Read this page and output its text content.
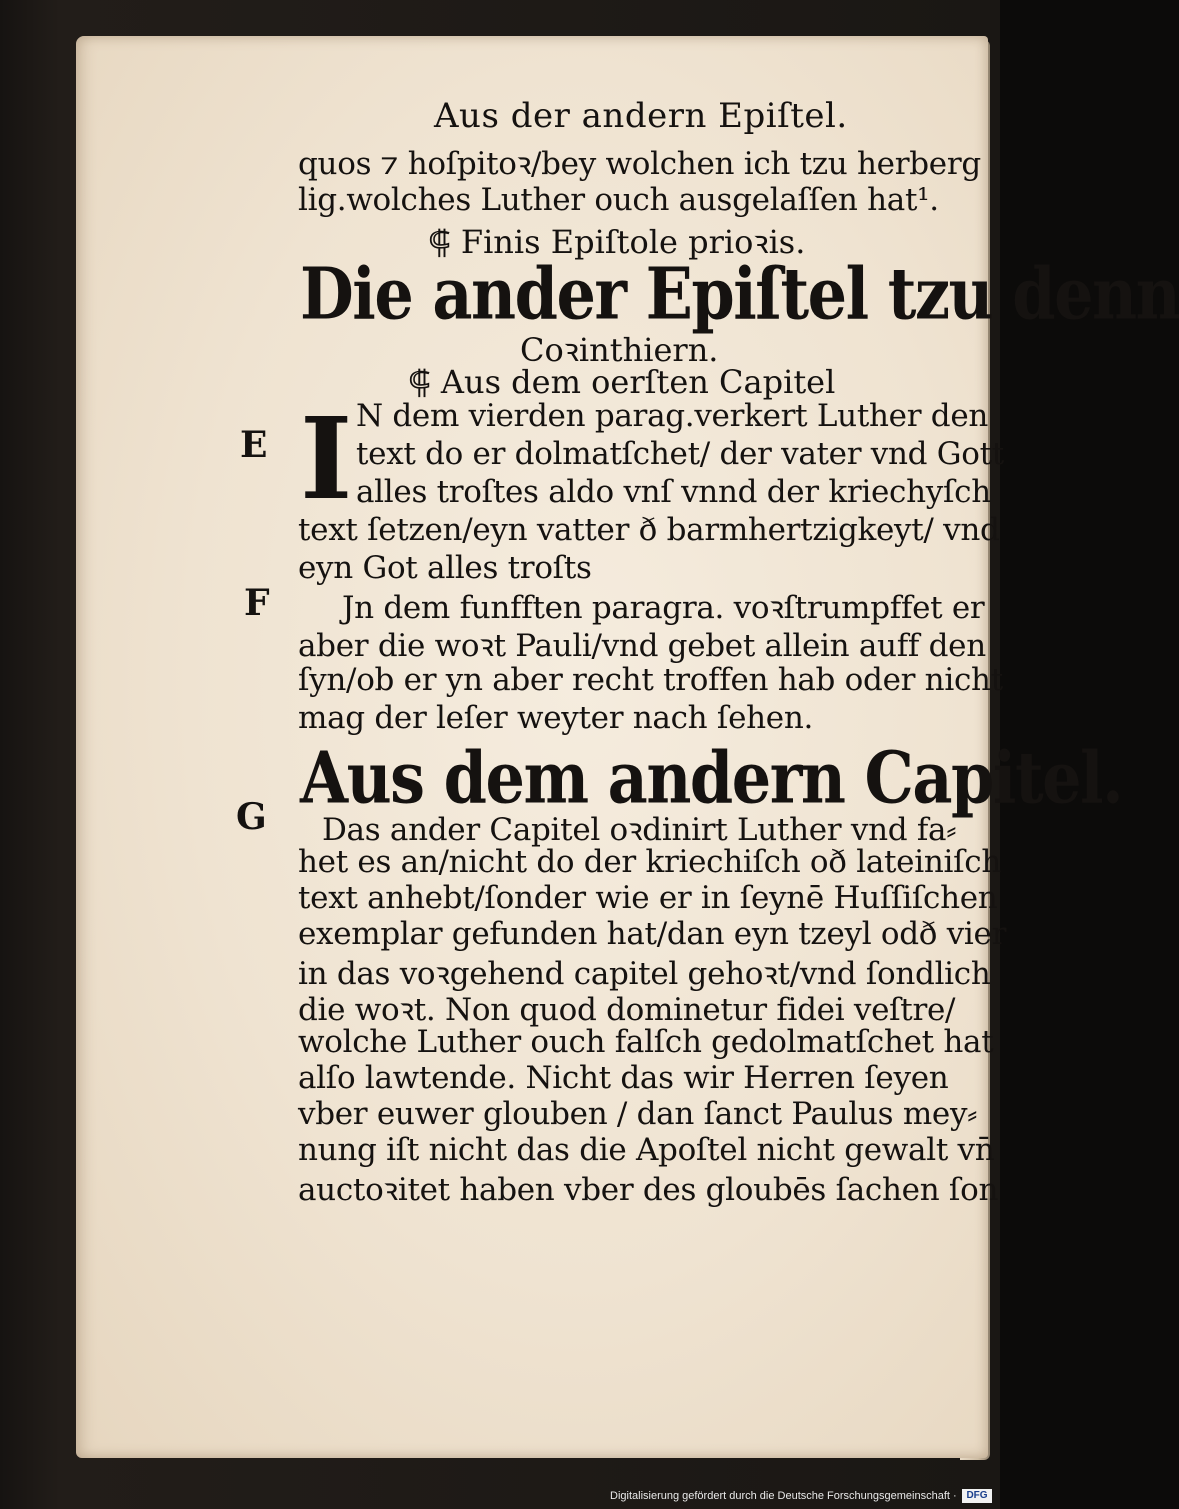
Aus der andern Epiſtel.
quos ⁊ hoſpitoꝛ/bey wolchen ich tzu herberg
lig.wolches Luther ouch ausgelaſſen hat¹.
⸿ Finis Epiſtole prioꝛis.
Die ander Epiſtel tzu denn
Coꝛinthiern.
⸿ Aus dem oerſten Capitel
I N dem vierden parag.verkert Luther den
text do er dolmatſchet/ der vater vnd Gott
alles troſtes aldo vnſ vnnd der kriechyſch
text ſetzen/eyn vatter ð barmhertzigkeyt/ vnd
eyn Got alles troſts
Jn dem funfften paragra. voꝛſtrumpffet er
aber die woꝛt Pauli/vnd gebet allein auff den
ſyn/ob er yn aber recht troffen hab oder nicht
mag der leſer weyter nach ſehen.
Aus dem andern Capitel.
Das ander Capitel oꝛdinirt Luther vnd fa⸗
het es an/nicht do der kriechiſch oð lateiniſch
text anhebt/ſonder wie er in ſeynē Huſſiſchen
exemplar gefunden hat/dan eyn tzeyl odð vier
in das voꝛgehend capitel gehoꝛt/vnd ſondlich
die woꝛt. Non quod dominetur fidei veſtre/
wolche Luther ouch falſch gedolmatſchet hat
alſo lawtende. Nicht das wir Herren ſeyen
vber euwer glouben / dan ſanct Paulus mey⸗
nung iſt nicht das die Apoſtel nicht gewalt vn̄
auctoꝛitet haben vber des gloubēs ſachen ſon
E
F
G
Digitalisierung gefördert durch die Deutsche Forschungsgemeinschaft · DFG
